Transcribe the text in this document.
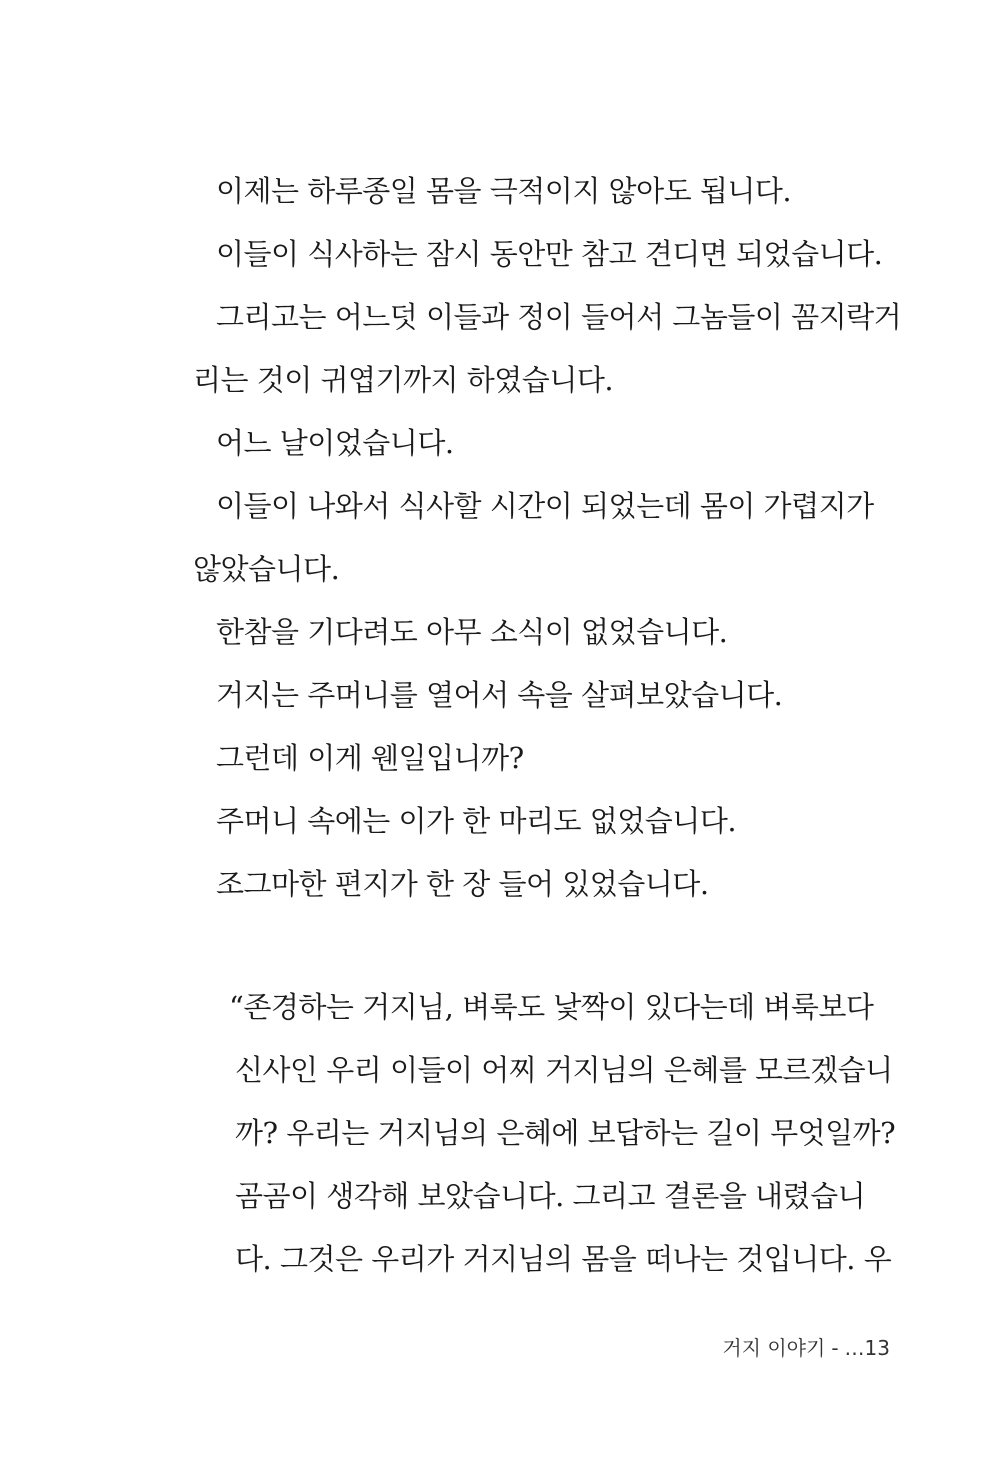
이제는 하루종일 몸을 극적이지 않아도 됩니다.
이들이 식사하는 잠시 동안만 참고 견디면 되었습니다.
그리고는 어느덧 이들과 정이 들어서 그놈들이 꼼지락거
리는 것이 귀엽기까지 하였습니다.
어느 날이었습니다.
이들이 나와서 식사할 시간이 되었는데 몸이 가렵지가
않았습니다.
한참을 기다려도 아무 소식이 없었습니다.
거지는 주머니를 열어서 속을 살펴보았습니다.
그런데 이게 웬일입니까?
주머니 속에는 이가 한 마리도 없었습니다.
조그마한 편지가 한 장 들어 있었습니다.
“존경하는 거지님, 벼룩도 낯짝이 있다는데 벼룩보다
신사인 우리 이들이 어찌 거지님의 은혜를 모르겠습니
까? 우리는 거지님의 은혜에 보답하는 길이 무엇일까?
곰곰이 생각해 보았습니다. 그리고 결론을 내렸습니
다. 그것은 우리가 거지님의 몸을 떠나는 것입니다. 우
거지 이야기 - …13
